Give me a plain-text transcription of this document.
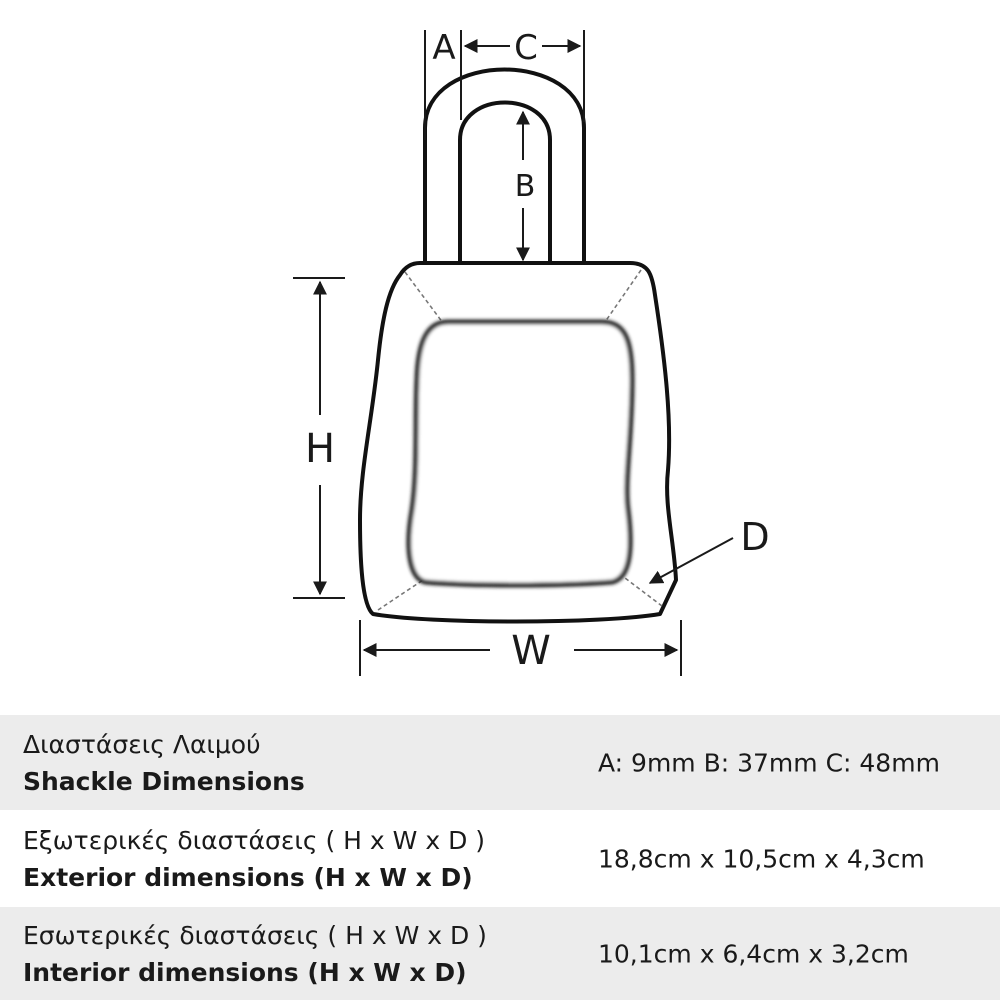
A C
B
H
W
D
Διαστάσεις Λαιμού
Shackle Dimensions
A: 9mm B: 37mm C: 48mm
Εξωτερικές διαστάσεις ( H x W x D )
Exterior dimensions (H x W x D)
18,8cm x 10,5cm x 4,3cm
Εσωτερικές διαστάσεις ( H x W x D )
Interior dimensions (H x W x D)
10,1cm x 6,4cm x 3,2cm
